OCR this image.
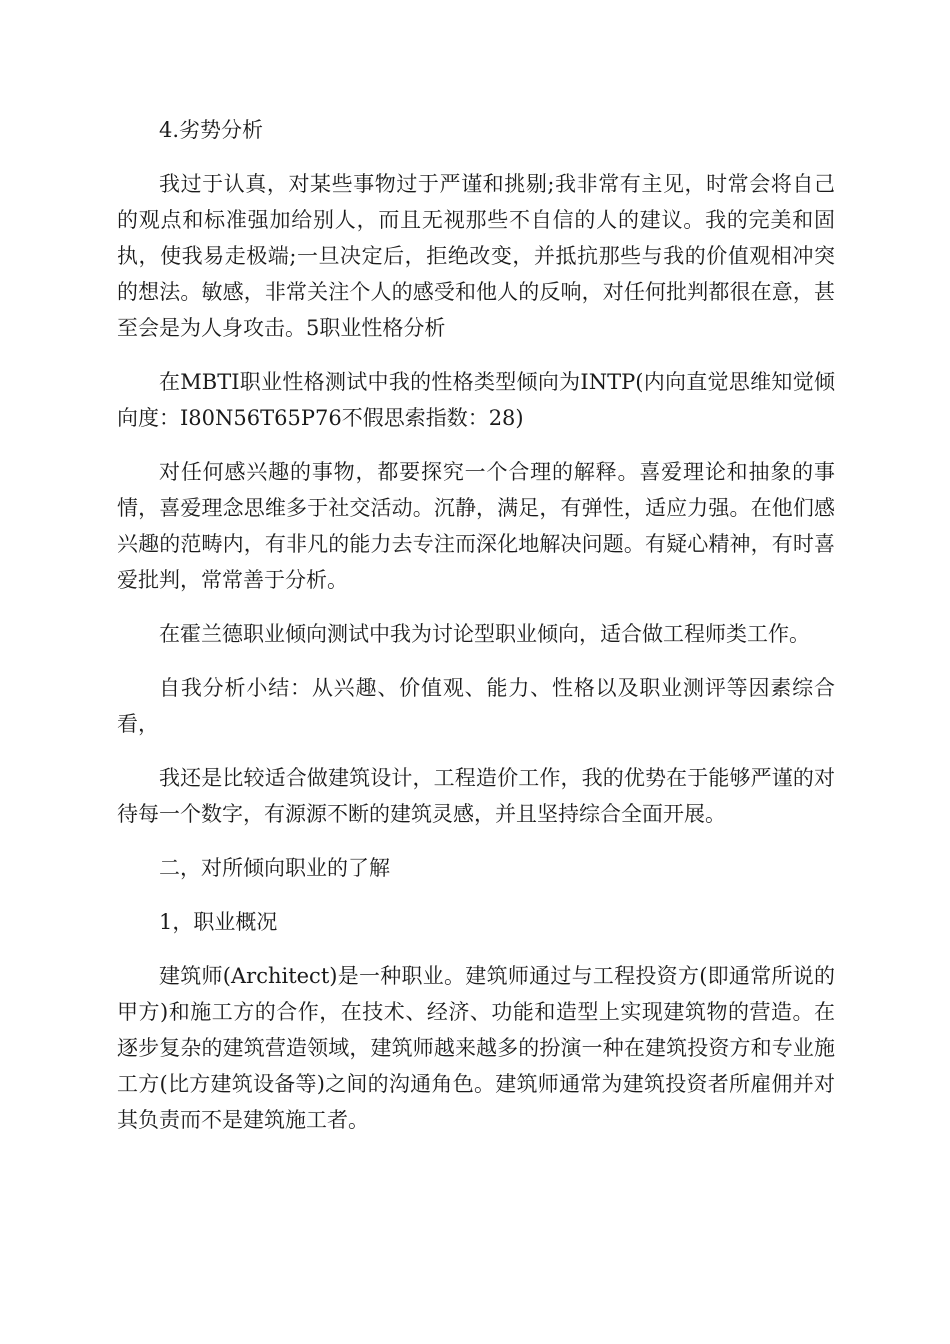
4.劣势分析

我过于认真，对某些事物过于严谨和挑剔;我非常有主见，时常会将自己的观点和标准强加给别人，而且无视那些不自信的人的建议。我的完美和固执，使我易走极端;一旦决定后，拒绝改变，并抵抗那些与我的价值观相冲突的想法。敏感，非常关注个人的感受和他人的反响，对任何批判都很在意，甚至会是为人身攻击。5职业性格分析

在MBTI职业性格测试中我的性格类型倾向为INTP(内向直觉思维知觉倾向度：I80N56T65P76不假思索指数：28)

对任何感兴趣的事物，都要探究一个合理的解释。喜爱理论和抽象的事情，喜爱理念思维多于社交活动。沉静，满足，有弹性，适应力强。在他们感兴趣的范畴内，有非凡的能力去专注而深化地解决问题。有疑心精神，有时喜爱批判，常常善于分析。

在霍兰德职业倾向测试中我为讨论型职业倾向，适合做工程师类工作。

自我分析小结：从兴趣、价值观、能力、性格以及职业测评等因素综合看，

我还是比较适合做建筑设计，工程造价工作，我的优势在于能够严谨的对待每一个数字，有源源不断的建筑灵感，并且坚持综合全面开展。

二，对所倾向职业的了解

1，职业概况

建筑师(Architect)是一种职业。建筑师通过与工程投资方(即通常所说的甲方)和施工方的合作，在技术、经济、功能和造型上实现建筑物的营造。在逐步复杂的建筑营造领域，建筑师越来越多的扮演一种在建筑投资方和专业施工方(比方建筑设备等)之间的沟通角色。建筑师通常为建筑投资者所雇佣并对其负责而不是建筑施工者。
